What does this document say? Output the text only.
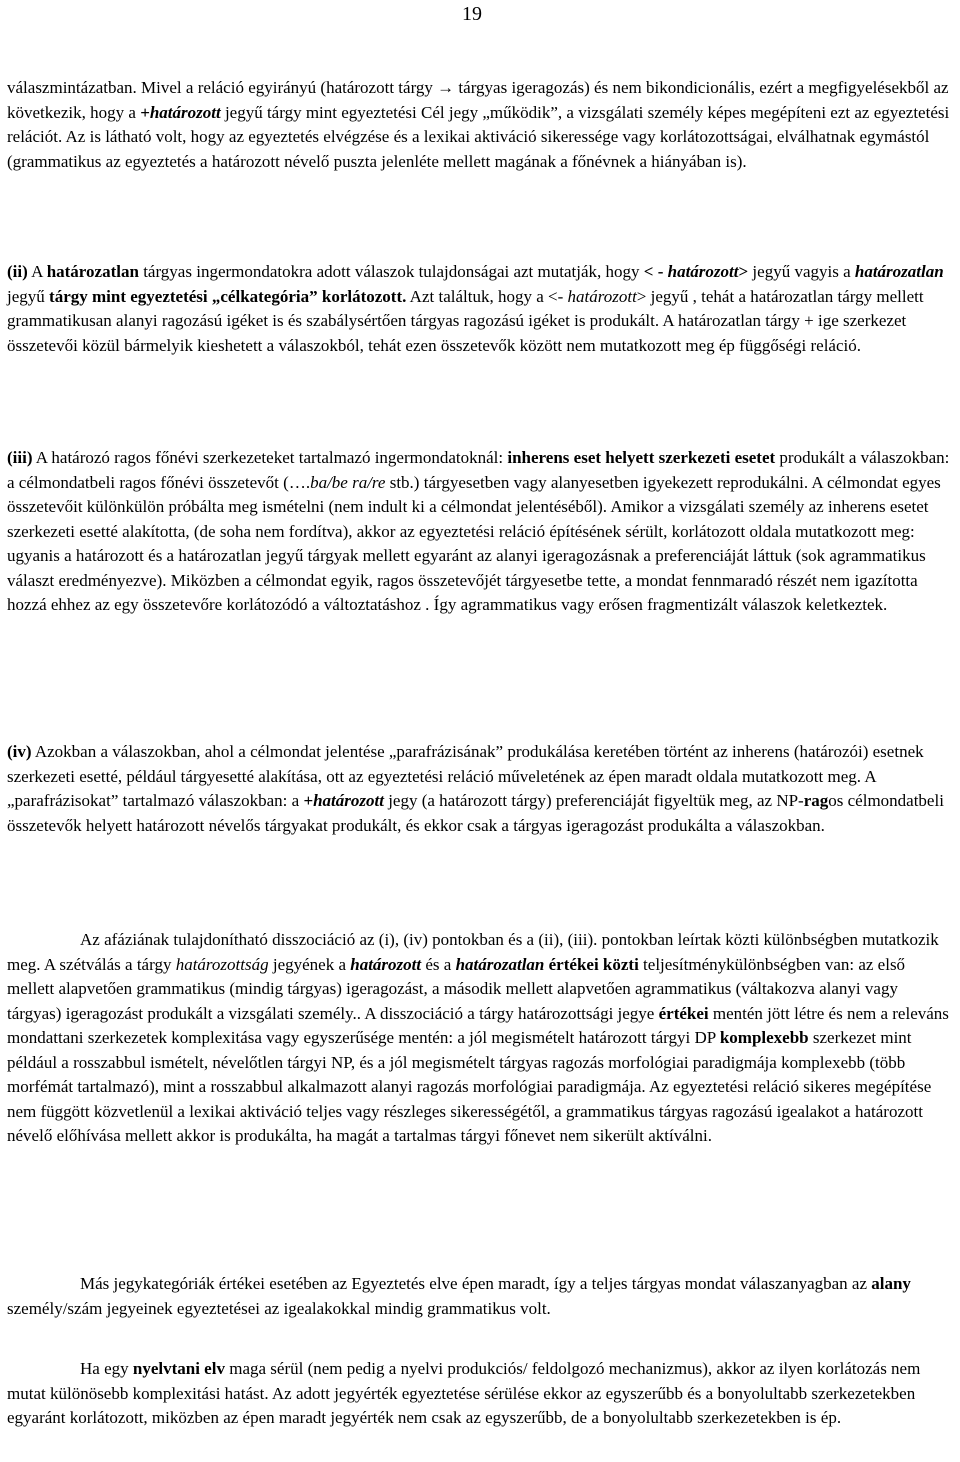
19

válaszmintázatban. Mivel a reláció egyirányú (határozott tárgy → tárgyas igeragozás) és nem bikondicionális, ezért a megfigyelésekből az következik, hogy a +határozott jegyű tárgy mint egyeztetési Cél jegy „működik”, a vizsgálati személy képes megépíteni ezt az egyeztetési relációt. Az is látható volt, hogy az egyeztetés elvégzése és a lexikai aktiváció sikeressége vagy korlátozottságai, elválhatnak egymástól (grammatikus az egyeztetés a határozott névelő puszta jelenléte mellett magának a főnévnek a hiányában is).

(ii) A határozatlan tárgyas ingermondatokra adott válaszok tulajdonságai azt mutatják, hogy < - határozott> jegyű vagyis a határozatlan jegyű tárgy mint egyeztetési „célkategória” korlátozott. Azt találtuk, hogy a <- határozott> jegyű , tehát a határozatlan tárgy mellett grammatikusan alanyi ragozású igéket is és szabálysértően tárgyas ragozású igéket is produkált. A határozatlan tárgy + ige szerkezet összetevői közül bármelyik kieshetett a válaszokból, tehát ezen összetevők között nem mutatkozott meg ép függőségi reláció.

(iii) A határozó ragos főnévi szerkezeteket tartalmazó ingermondatoknál: inherens eset helyett szerkezeti esetet produkált a válaszokban: a célmondatbeli ragos főnévi összetevőt (….ba/be ra/re stb.) tárgyesetben vagy alanyesetben igyekezett reprodukálni. A célmondat egyes összetevőit különkülön próbálta meg ismételni (nem indult ki a célmondat jelentéséből). Amikor a vizsgálati személy az inherens esetet szerkezeti esetté alakította, (de soha nem fordítva), akkor az egyeztetési reláció építésének sérült, korlátozott oldala mutatkozott meg: ugyanis a határozott és a határozatlan jegyű tárgyak mellett egyaránt az alanyi igeragozásnak a preferenciáját láttuk (sok agrammatikus választ eredményezve). Miközben a célmondat egyik, ragos összetevőjét tárgyesetbe tette, a mondat fennmaradó részét nem igazította hozzá ehhez az egy összetevőre korlátozódó a változtatáshoz . Így agrammatikus vagy erősen fragmentizált válaszok keletkeztek.

(iv) Azokban a válaszokban, ahol a célmondat jelentése „parafrázisának” produkálása keretében történt az inherens (határozói) esetnek szerkezeti esetté, például tárgyesetté alakítása, ott az egyeztetési reláció műveletének az épen maradt oldala mutatkozott meg. A „parafrázisokat” tartalmazó válaszokban: a +határozott jegy (a határozott tárgy) preferenciáját figyeltük meg, az NP-ragos célmondatbeli összetevők helyett határozott névelős tárgyakat produkált, és ekkor csak a tárgyas igeragozást produkálta a válaszokban.

Az afáziának tulajdonítható disszociáció az (i), (iv) pontokban és a (ii), (iii). pontokban leírtak közti különbségben mutatkozik meg. A szétválás a tárgy határozottság jegyének a határozott és a határozatlan értékei közti teljesítménykülönbségben van: az első mellett alapvetően grammatikus (mindig tárgyas) igeragozást, a második mellett alapvetően agrammatikus (váltakozva alanyi vagy tárgyas) igeragozást produkált a vizsgálati személy.. A disszociáció a tárgy határozottsági jegye értékei mentén jött létre és nem a releváns mondattani szerkezetek komplexitása vagy egyszerűsége mentén: a jól megismételt határozott tárgyi DP komplexebb szerkezet mint például a rosszabbul ismételt, névelőtlen tárgyi NP, és a jól megismételt tárgyas ragozás morfológiai paradigmája komplexebb (több morfémát tartalmazó), mint a rosszabbul alkalmazott alanyi ragozás morfológiai paradigmája. Az egyeztetési reláció sikeres megépítése nem függött közvetlenül a lexikai aktiváció teljes vagy részleges sikerességétől, a grammatikus tárgyas ragozású igealakot a határozott névelő előhívása mellett akkor is produkálta, ha magát a tartalmas tárgyi főnevet nem sikerült aktíválni.

Más jegykategóriák értékei esetében az Egyeztetés elve épen maradt, így a teljes tárgyas mondat válaszanyagban az alany személy/szám jegyeinek egyeztetései az igealakokkal mindig grammatikus volt.

Ha egy nyelvtani elv maga sérül (nem pedig a nyelvi produkciós/ feldolgozó mechanizmus), akkor az ilyen korlátozás nem mutat különösebb komplexitási hatást. Az adott jegyérték egyeztetése sérülése ekkor az egyszerűbb és a bonyolultabb szerkezetekben egyaránt korlátozott, miközben az épen maradt jegyérték nem csak az egyszerűbb, de a bonyolultabb szerkezetekben is ép.
